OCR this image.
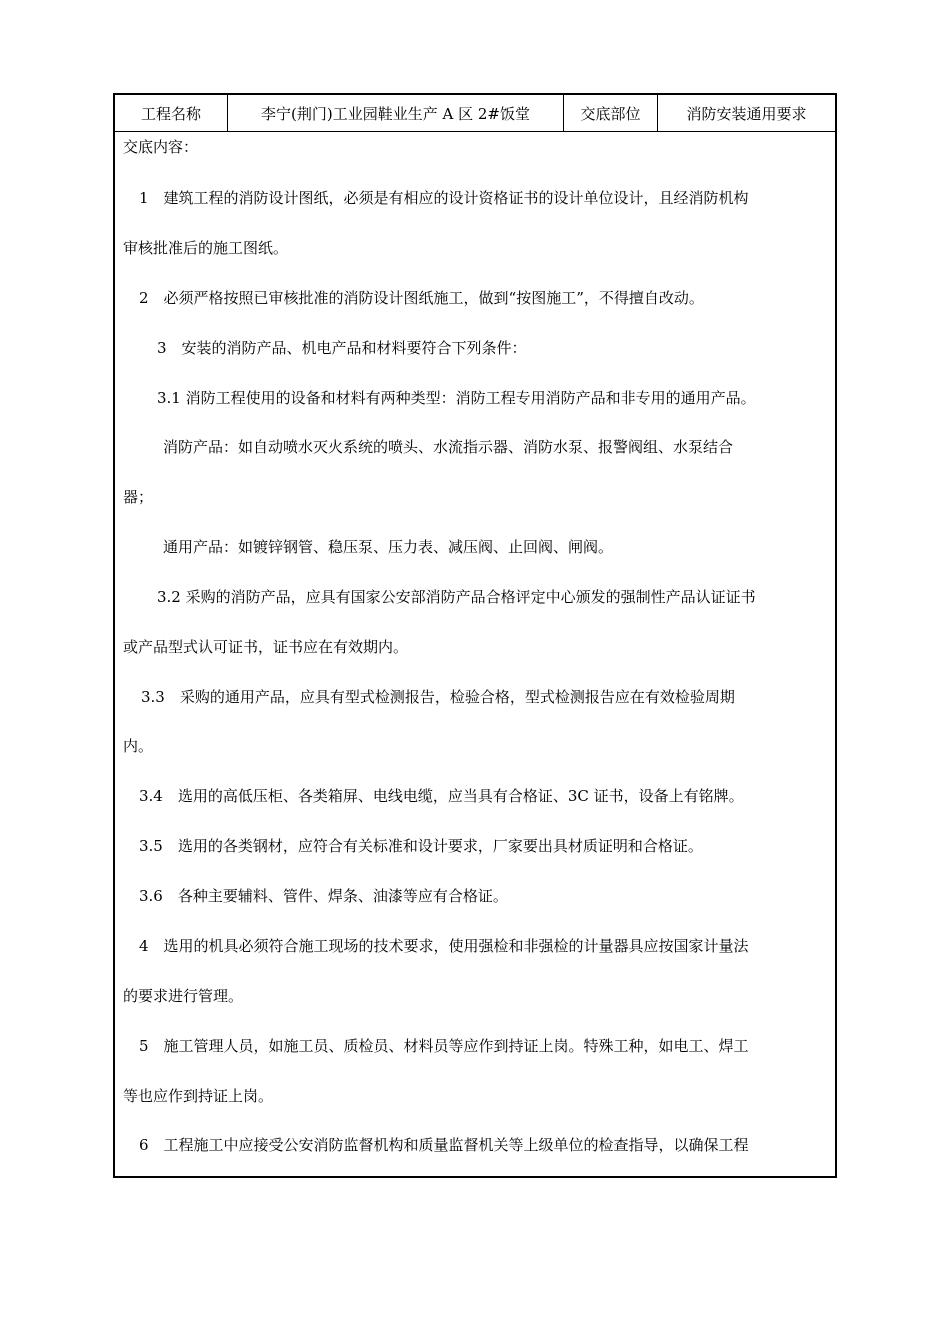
工程名称	李宁(荆门)工业园鞋业生产 A 区 2#饭堂	交底部位	消防安装通用要求
交底内容：
1　建筑工程的消防设计图纸，必须是有相应的设计资格证书的设计单位设计，且经消防机构
审核批准后的施工图纸。
2　必须严格按照已审核批准的消防设计图纸施工，做到“按图施工”，不得擅自改动。
3　安装的消防产品、机电产品和材料要符合下列条件：
3.1 消防工程使用的设备和材料有两种类型：消防工程专用消防产品和非专用的通用产品。
消防产品：如自动喷水灭火系统的喷头、水流指示器、消防水泵、报警阀组、水泵结合
器；
通用产品：如镀锌钢管、稳压泵、压力表、减压阀、止回阀、闸阀。
3.2 采购的消防产品，应具有国家公安部消防产品合格评定中心颁发的强制性产品认证证书
或产品型式认可证书，证书应在有效期内。
3.3　采购的通用产品，应具有型式检测报告，检验合格，型式检测报告应在有效检验周期
内。
3.4　选用的高低压柜、各类箱屏、电线电缆，应当具有合格证、3C 证书，设备上有铭牌。
3.5　选用的各类钢材，应符合有关标准和设计要求，厂家要出具材质证明和合格证。
3.6　各种主要辅料、管件、焊条、油漆等应有合格证。
4　选用的机具必须符合施工现场的技术要求，使用强检和非强检的计量器具应按国家计量法
的要求进行管理。
5　施工管理人员，如施工员、质检员、材料员等应作到持证上岗。特殊工种，如电工、焊工
等也应作到持证上岗。
6　工程施工中应接受公安消防监督机构和质量监督机关等上级单位的检查指导，以确保工程
